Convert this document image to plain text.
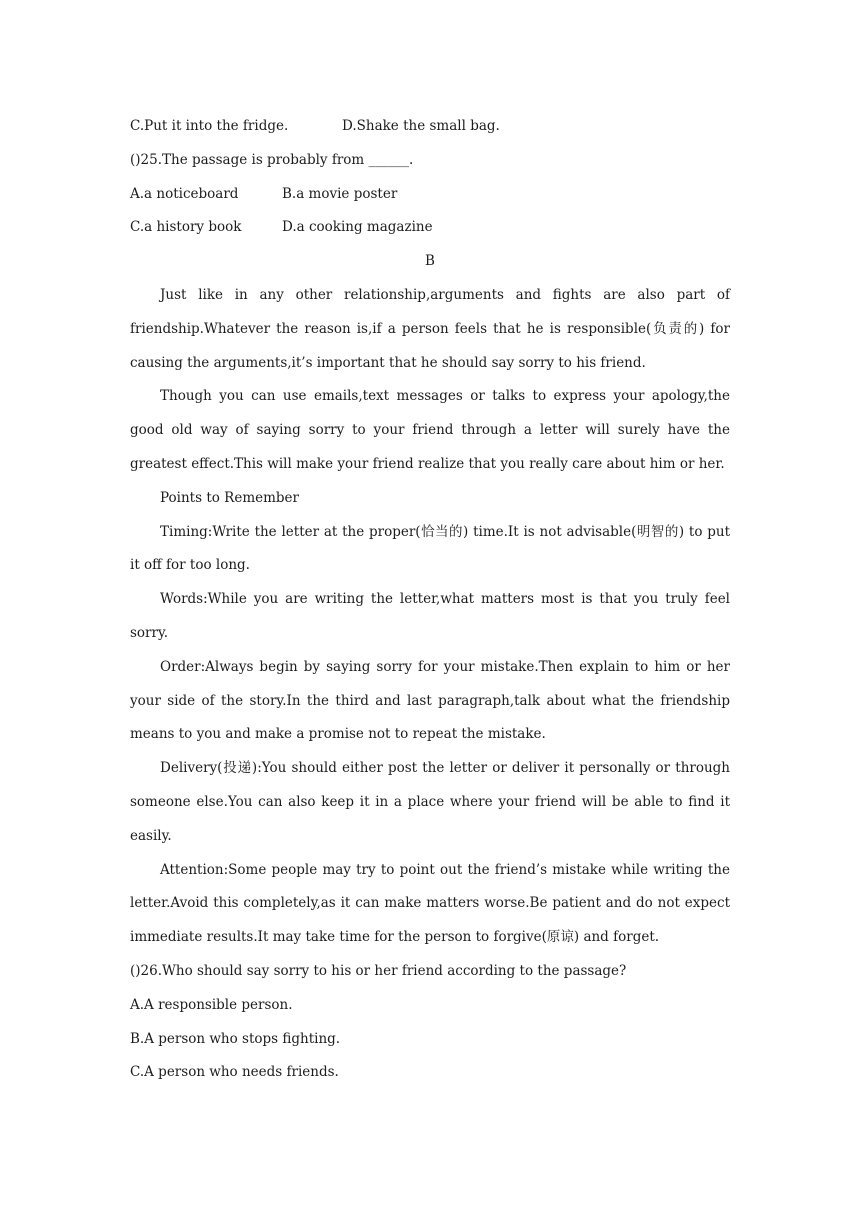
C.Put it into the fridge.	D.Shake the small bag.
()25.The passage is probably from ______.
A.a noticeboard	B.a movie poster
C.a history book	D.a cooking magazine
B
Just like in any other relationship,arguments and fights are also part of friendship.Whatever the reason is,if a person feels that he is responsible(负责的) for causing the arguments,it’s important that he should say sorry to his friend.
Though you can use emails,text messages or talks to express your apology,the good old way of saying sorry to your friend through a letter will surely have the greatest effect.This will make your friend realize that you really care about him or her.
Points to Remember
Timing:Write the letter at the proper(恰当的) time.It is not advisable(明智的) to put it off for too long.
Words:While you are writing the letter,what matters most is that you truly feel sorry.
Order:Always begin by saying sorry for your mistake.Then explain to him or her your side of the story.In the third and last paragraph,talk about what the friendship means to you and make a promise not to repeat the mistake.
Delivery(投递):You should either post the letter or deliver it personally or through someone else.You can also keep it in a place where your friend will be able to find it easily.
Attention:Some people may try to point out the friend’s mistake while writing the letter.Avoid this completely,as it can make matters worse.Be patient and do not expect immediate results.It may take time for the person to forgive(原谅) and forget.
()26.Who should say sorry to his or her friend according to the passage?
A.A responsible person.
B.A person who stops fighting.
C.A person who needs friends.
